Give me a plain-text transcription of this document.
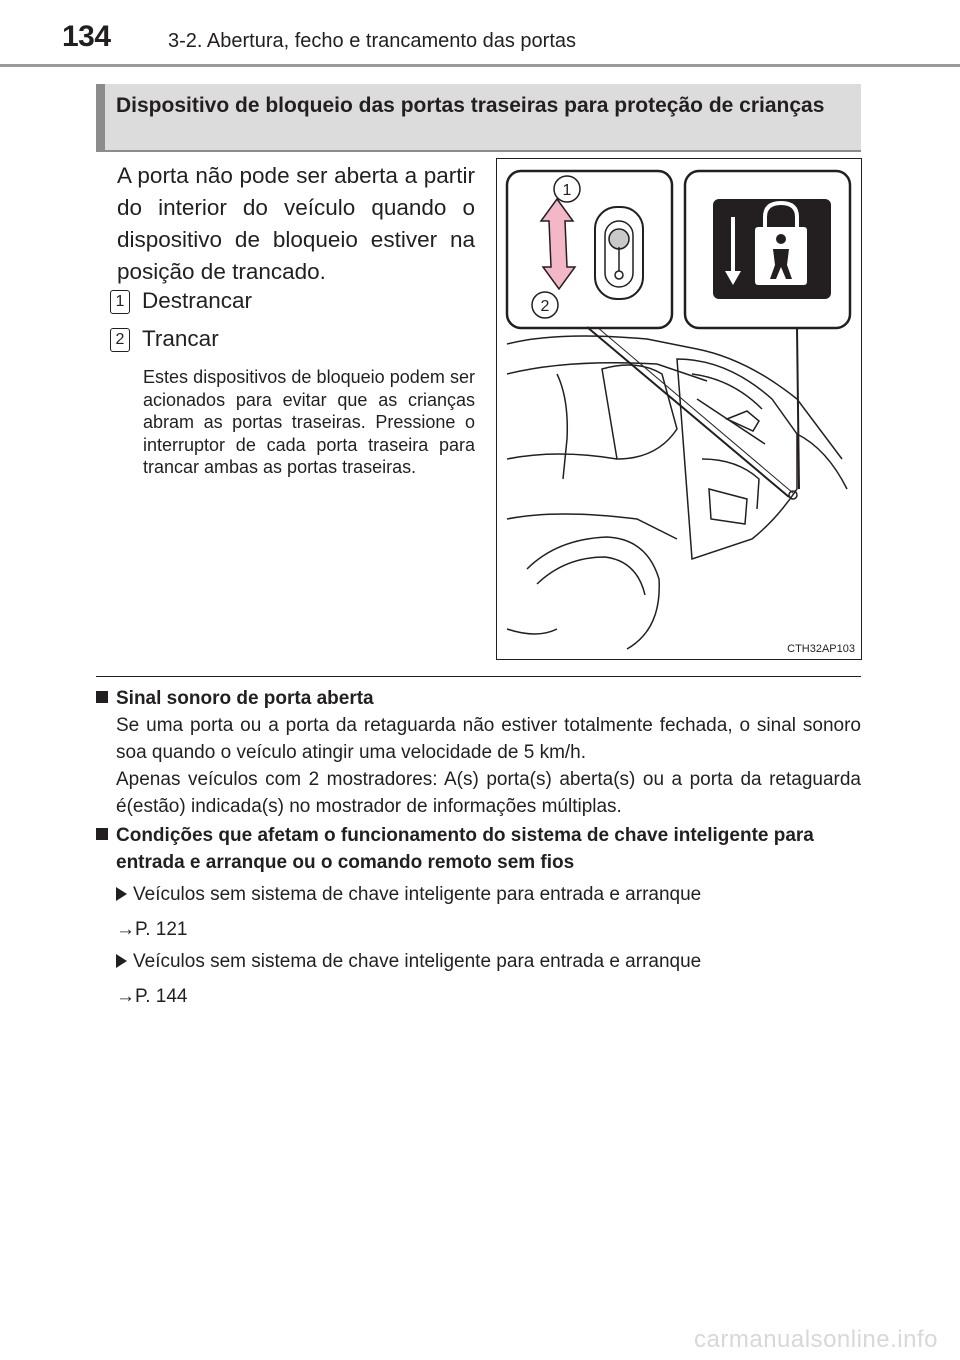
134	3-2. Abertura, fecho e trancamento das portas
Dispositivo de bloqueio das portas traseiras para proteção de crianças
A porta não pode ser aberta a partir do interior do veículo quando o dispositivo de bloqueio estiver na posição de trancado.
1 Destrancar
2 Trancar
Estes dispositivos de bloqueio podem ser acionados para evitar que as crianças abram as portas traseiras. Pressione o interruptor de cada porta traseira para trancar ambas as portas traseiras.
1
2
CTH32AP103
Sinal sonoro de porta aberta
Se uma porta ou a porta da retaguarda não estiver totalmente fechada, o sinal sonoro soa quando o veículo atingir uma velocidade de 5 km/h.
Apenas veículos com 2 mostradores: A(s) porta(s) aberta(s) ou a porta da retaguarda é(estão) indicada(s) no mostrador de informações múltiplas.
Condições que afetam o funcionamento do sistema de chave inteligente para entrada e arranque ou o comando remoto sem fios
Veículos sem sistema de chave inteligente para entrada e arranque
→P. 121
Veículos sem sistema de chave inteligente para entrada e arranque
→P. 144
carmanualsonline.info
